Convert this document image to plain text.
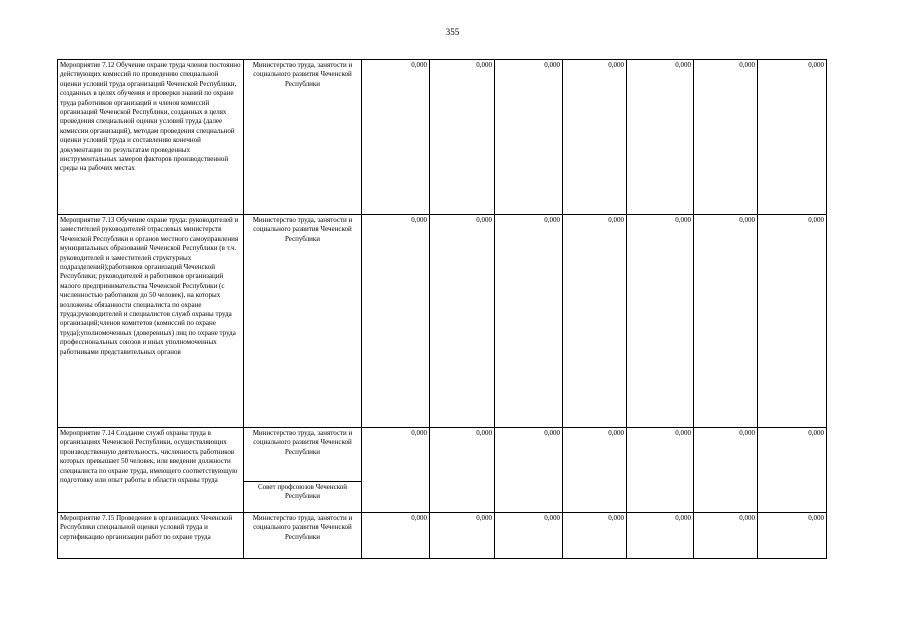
355
Мероприятие 7.12 Обучение охране труда членов постоянно действующих комиссий по проведению специальной оценки условий труда организаций Чеченской Республики, созданных в целях обучения и проверки знаний по охране труда работников организаций и членов комиссий организаций Чеченской Республики, созданных в целях проведения специальной оценки условий труда (далее комиссии организаций), методам проведения специальной оценки условий труда и составлению конечной документации по результатам проведенных инструментальных замеров факторов производственной среды на рабочих местах	Министерство труда, занятости и социального развития Чеченской Республики	0,000	0,000	0,000	0,000	0,000	0,000	0,000
Мероприятие 7.13 Обучение охране труда: руководителей и заместителей руководителей отраслевых министерств Чеченской Республики и органов местного самоуправления муниципальных образований Чеченской Республики (в т.ч. руководителей и заместителей структурных подразделений);работников организаций Чеченской Республики; руководителей и работников организаций малого предпринимательства Чеченской Республики (с численностью работников до 50 человек), на которых возложены обязанности специалиста по охране труда;руководителей и специалистов служб охраны труда организаций;членов комитетов (комиссий по охране труда);уполномоченных (доверенных) лиц по охране труда профессиональных союзов и иных уполномоченных работниками представительных органов	Министерство труда, занятости и социального развития Чеченской Республики	0,000	0,000	0,000	0,000	0,000	0,000	0,000
Мероприятие 7.14 Создание служб охраны труда в организациях Чеченской Республики, осуществляющих производственную деятельность, численность работников которых превышает 50 человек, или введение должности специалиста по охране труда, имеющего соответствующую подготовку или опыт работы в области охраны труда	Министерство труда, занятости и социального развития Чеченской Республики	0,000	0,000	0,000	0,000	0,000	0,000	0,000
	Совет профсоюзов Чеченской Республики							
Мероприятие 7.15 Проведение в организациях Чеченской Республики специальной оценки условий труда и сертификацию организации работ по охране труда	Министерство труда, занятости и социального развития Чеченской Республики	0,000	0,000	0,000	0,000	0,000	0,000	0,000
